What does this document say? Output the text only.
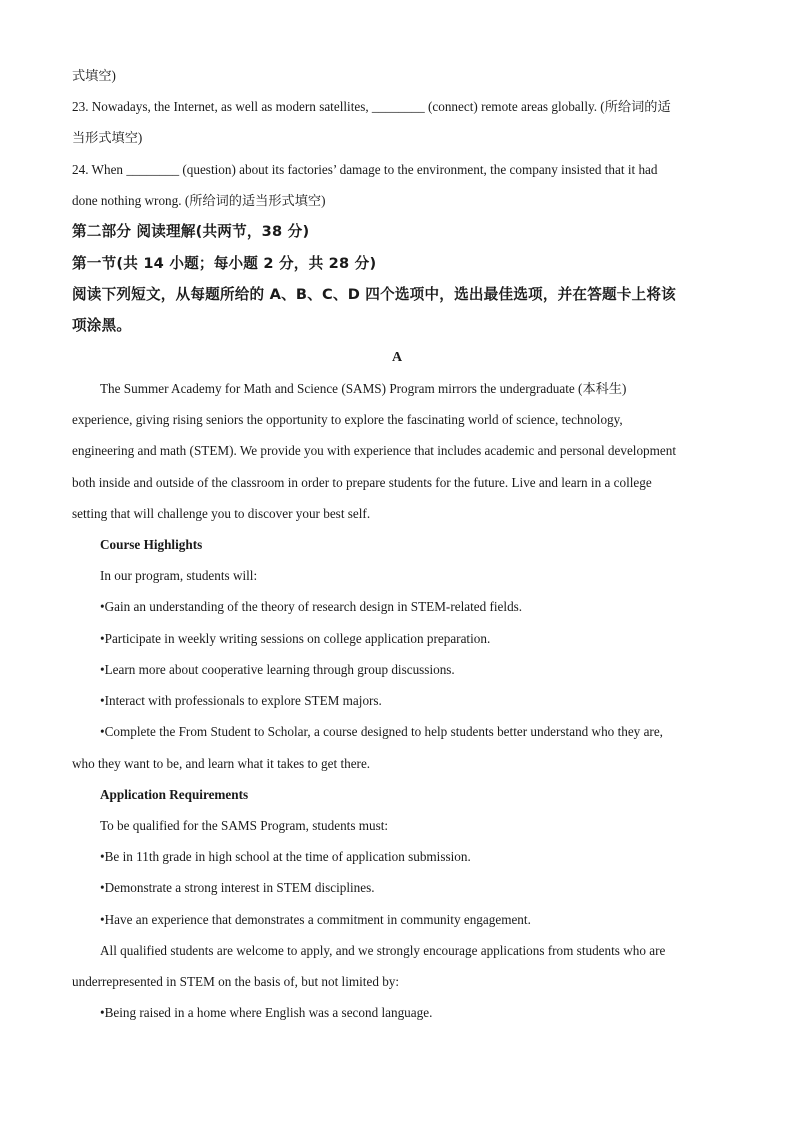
式填空)
23. Nowadays, the Internet, as well as modern satellites, ________ (connect) remote areas globally. (所给词的适
当形式填空)
24. When ________ (question) about its factories’ damage to the environment, the company insisted that it had
done nothing wrong. (所给词的适当形式填空)
第二部分 阅读理解(共两节，38 分)
第一节(共 14 小题；每小题 2 分，共 28 分)
阅读下列短文，从每题所给的 A、B、C、D 四个选项中，选出最佳选项，并在答题卡上将该
项涂黑。
A
The Summer Academy for Math and Science (SAMS) Program mirrors the undergraduate (本科生)
experience, giving rising seniors the opportunity to explore the fascinating world of science, technology,
engineering and math (STEM). We provide you with experience that includes academic and personal development
both inside and outside of the classroom in order to prepare students for the future. Live and learn in a college
setting that will challenge you to discover your best self.
Course Highlights
In our program, students will:
•Gain an understanding of the theory of research design in STEM-related fields.
•Participate in weekly writing sessions on college application preparation.
•Learn more about cooperative learning through group discussions.
•Interact with professionals to explore STEM majors.
•Complete the From Student to Scholar, a course designed to help students better understand who they are,
who they want to be, and learn what it takes to get there.
Application Requirements
To be qualified for the SAMS Program, students must:
•Be in 11th grade in high school at the time of application submission.
•Demonstrate a strong interest in STEM disciplines.
•Have an experience that demonstrates a commitment in community engagement.
All qualified students are welcome to apply, and we strongly encourage applications from students who are
underrepresented in STEM on the basis of, but not limited by:
•Being raised in a home where English was a second language.
